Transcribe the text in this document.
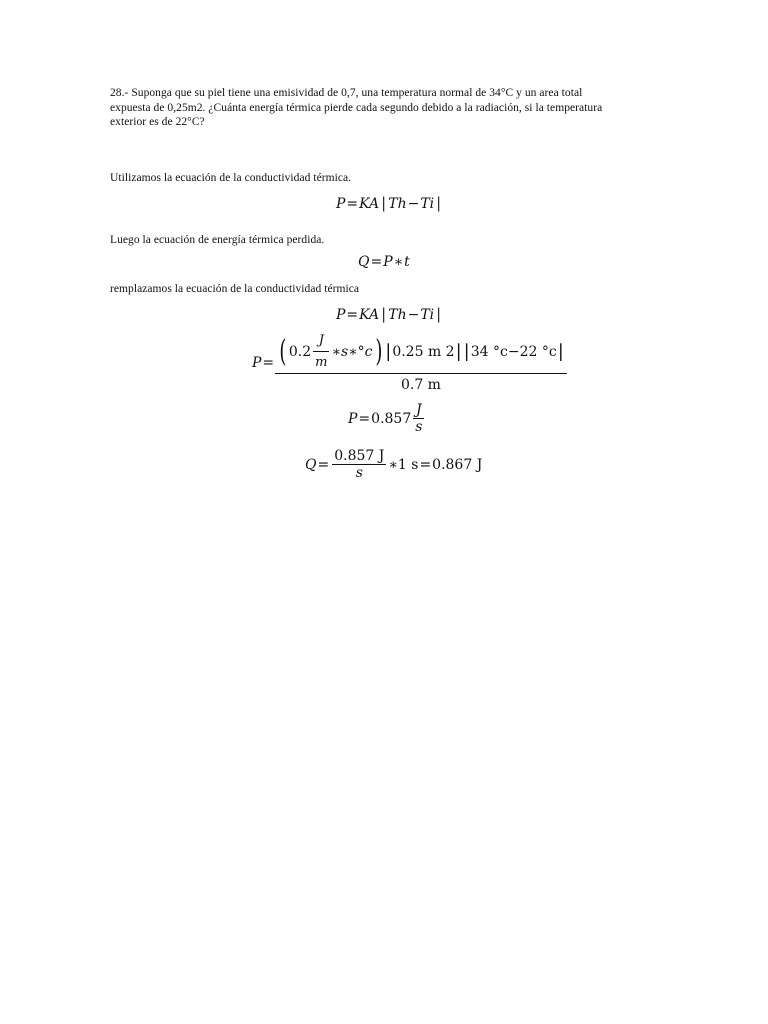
28.- Suponga que su piel tiene una emisividad de 0,7, una temperatura normal de 34°C y un area total
expuesta de 0,25m2. ¿Cuánta energía térmica pierde cada segundo debido a la radiación, si la temperatura
exterior es de 22°C?

Utilizamos la ecuación de la conductividad térmica.

P = KA | Th − Ti |

Luego la ecuación de energía térmica perdida.

Q = P ∗ t

remplazamos la ecuación de la conductividad térmica

P = KA | Th − Ti |
P = ( $0.2 \frac{J}{m}$ ∗s∗°c ) | 0.25 m 2 | | 34 °c−22 °c |
0.7 m
$P = 0.857 \frac{J}{s}$
$Q = \frac{0.857 J}{s}$ ∗1 s = 0.867 J
